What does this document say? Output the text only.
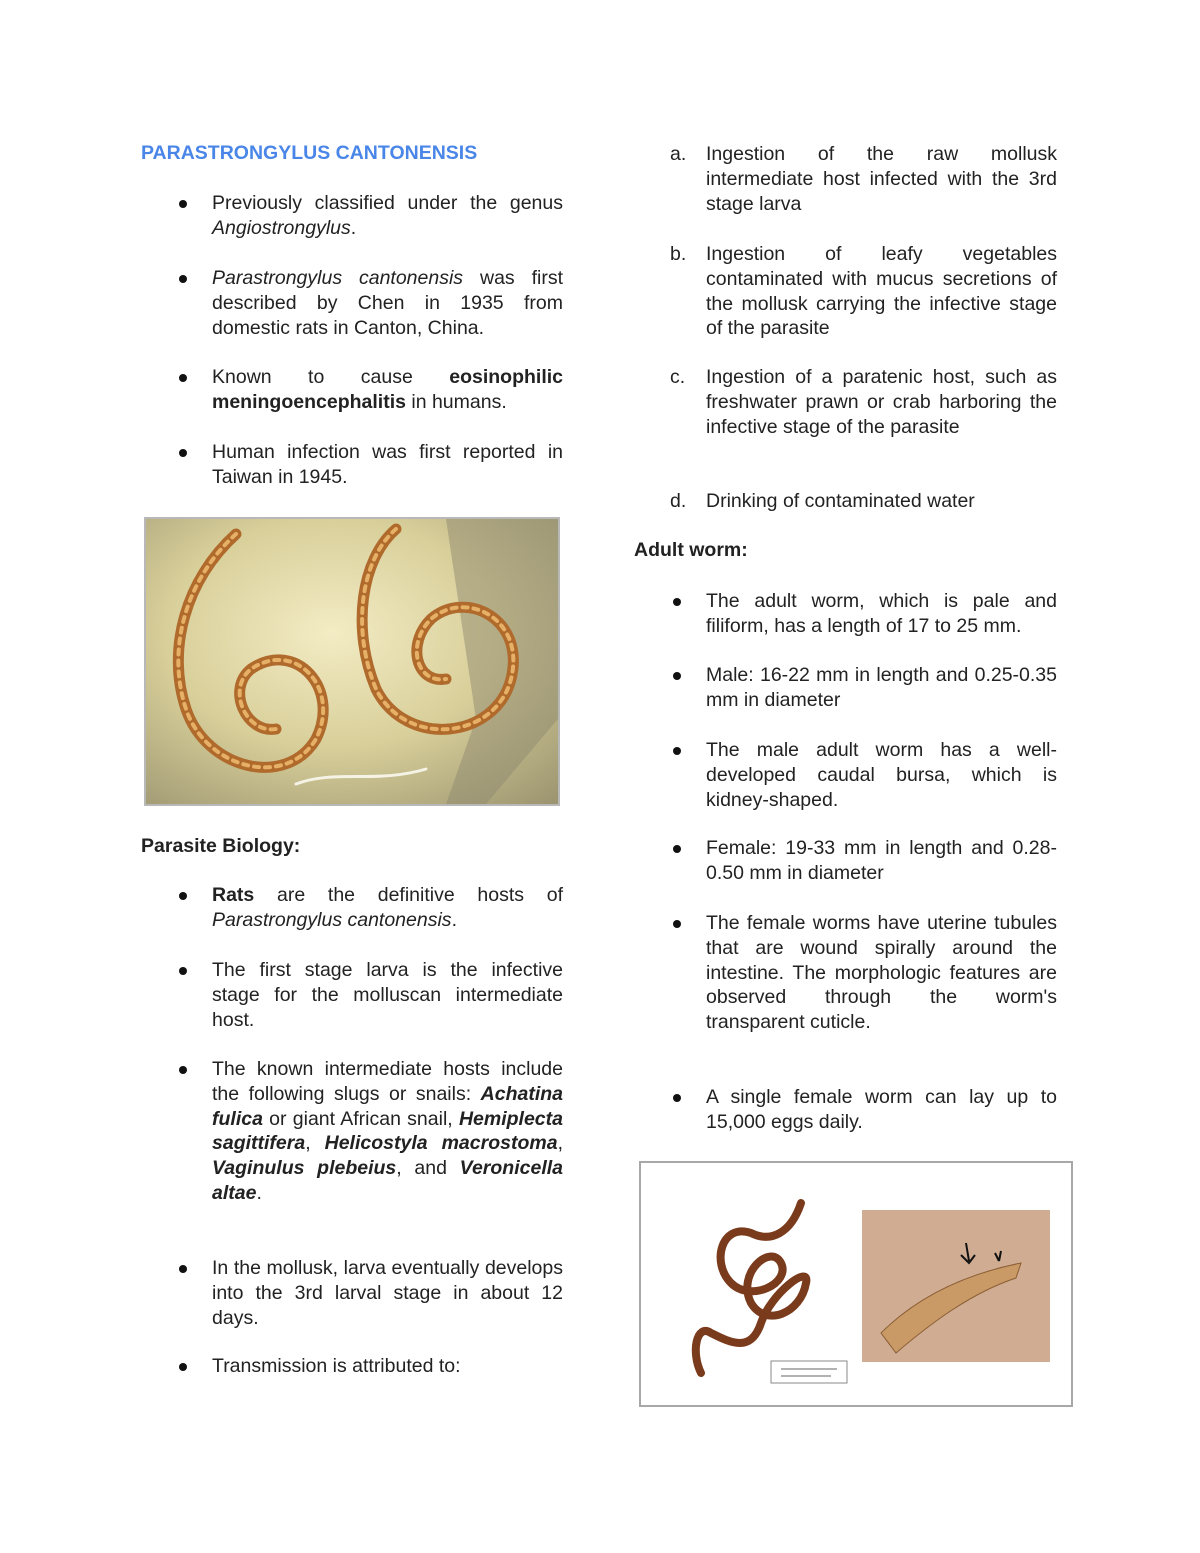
PARASTRONGYLUS CANTONENSIS
Parasite Biology:
Adult worm:
Previously classified under the genus Angiostrongylus.
Parastrongylus cantonensis was first described by Chen in 1935 from domestic rats in Canton, China.
Known to cause eosinophilic meningoencephalitis in humans.
Human infection was first reported in Taiwan in 1945.
Rats are the definitive hosts of Parastrongylus cantonensis.
The first stage larva is the infective stage for the molluscan intermediate host.
The known intermediate hosts include the following slugs or snails: Achatina fulica or giant African snail, Hemiplecta sagittifera, Helicostyla macrostoma, Vaginulus plebeius, and Veronicella altae.
In the mollusk, larva eventually develops into the 3rd larval stage in about 12 days.
Transmission is attributed to:
The adult worm, which is pale and filiform, has a length of 17 to 25 mm.
Male: 16-22 mm in length and 0.25-0.35 mm in diameter
The male adult worm has a well-developed caudal bursa, which is kidney-shaped.
Female: 19-33 mm in length and 0.28-0.50 mm in diameter
The female worms have uterine tubules that are wound spirally around the intestine. The morphologic features are observed through the worm's transparent cuticle.
A single female worm can lay up to 15,000 eggs daily.
a. Ingestion of the raw mollusk intermediate host infected with the 3rd stage larva
b. Ingestion of leafy vegetables contaminated with mucus secretions of the mollusk carrying the infective stage of the parasite
c. Ingestion of a paratenic host, such as freshwater prawn or crab harboring the infective stage of the parasite
d. Drinking of contaminated water
